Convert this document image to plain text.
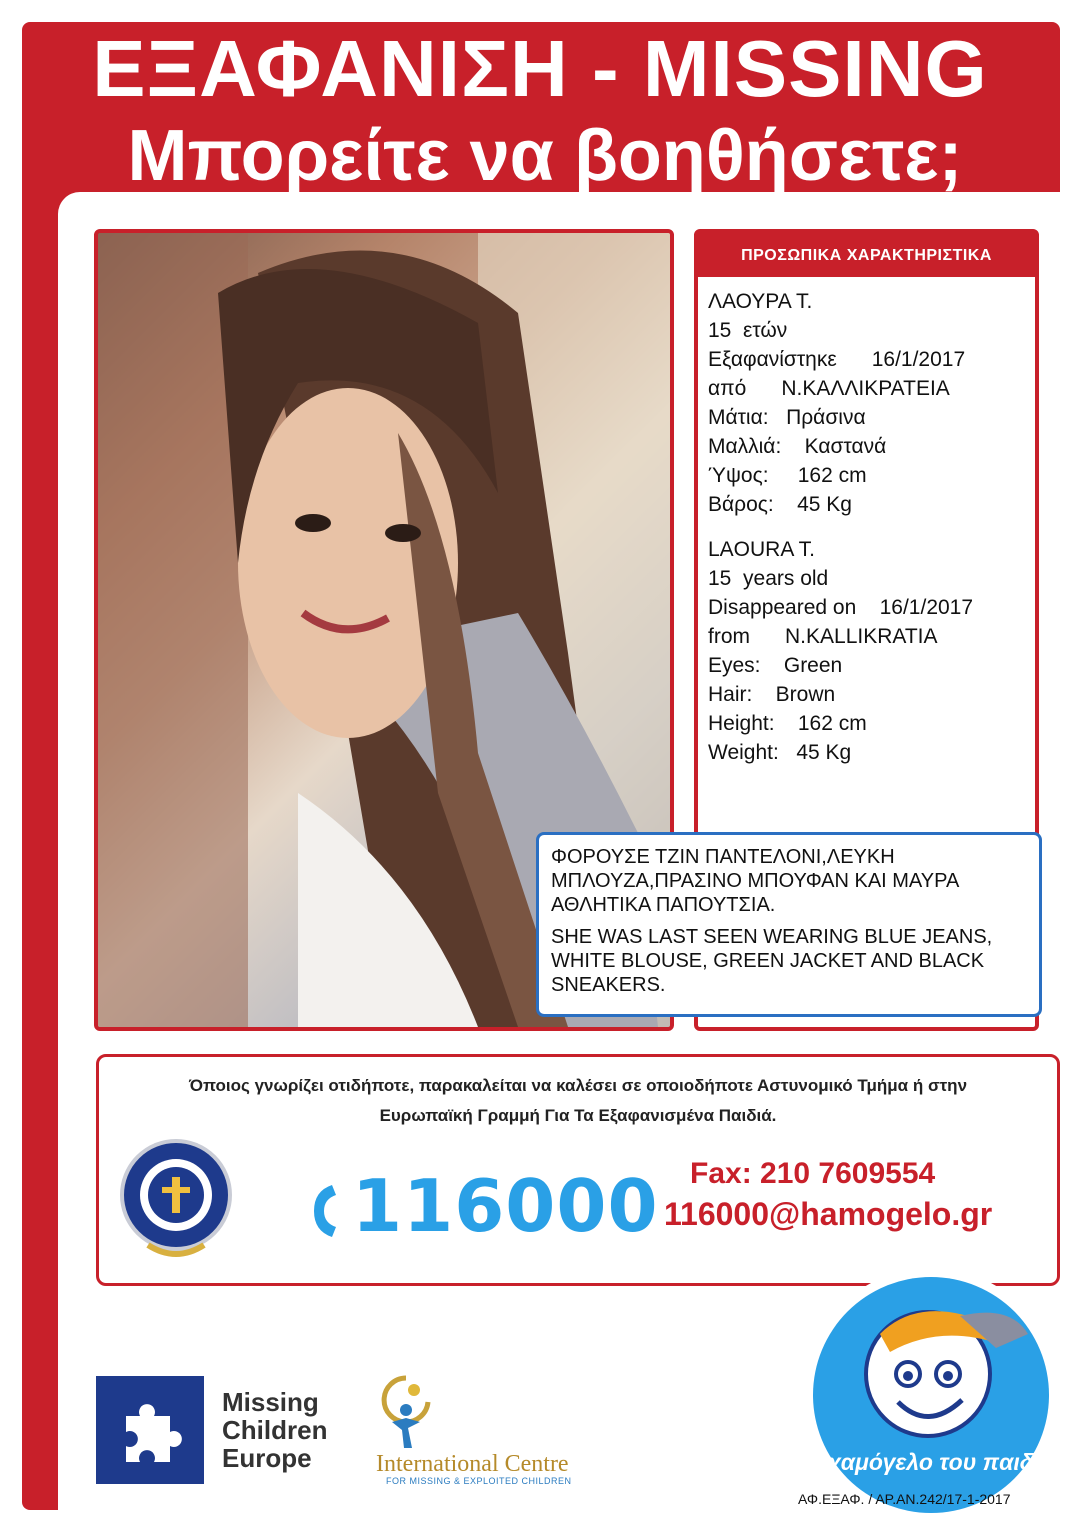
ΕΞΑΦΑΝΙΣΗ - MISSING
Μπορείτε να βοηθήσετε;
ΠΡΟΣΩΠΙΚΑ ΧΑΡΑΚΤΗΡΙΣΤΙΚΑ
ΛΑΟΥΡΑ Τ.
15  ετών
Εξαφανίστηκε      16/1/2017
από      Ν.ΚΑΛΛΙΚΡΑΤΕΙΑ
Μάτια:   Πράσινα
Μαλλιά:    Καστανά
Ύψος:     162 cm
Βάρος:    45 Kg
LAOURA T.
15  years old
Disappeared on    16/1/2017
from      N.KALLIKRATIA
Eyes:    Green
Hair:    Brown
Height:    162 cm
Weight:   45 Kg

ΦΟΡΟΥΣΕ ΤΖΙΝ ΠΑΝΤΕΛΟΝΙ,ΛΕΥΚΗ ΜΠΛΟΥΖΑ,ΠΡΑΣΙΝΟ ΜΠΟΥΦΑΝ ΚΑΙ ΜΑΥΡΑ ΑΘΛΗΤΙΚΑ ΠΑΠΟΥΤΣΙΑ.

SHE WAS LAST SEEN WEARING BLUE JEANS, WHITE BLOUSE, GREEN JACKET AND BLACK SNEAKERS.

Όποιος γνωρίζει οτιδήποτε, παρακαλείται να καλέσει σε οποιοδήποτε Αστυνομικό Τμήμα ή στην
Ευρωπαϊκή Γραμμή Για Τα Εξαφανισμένα Παιδιά.
116000 Fax: 210 7609554
116000@hamogelo.gr
Το χαμόγελο του παιδιού
Missing
Children
Europe	International Centre
FOR MISSING & EXPLOITED CHILDREN
ΑΦ.ΕΞΑΦ. / ΑΡ.ΑΝ.242/17-1-2017
